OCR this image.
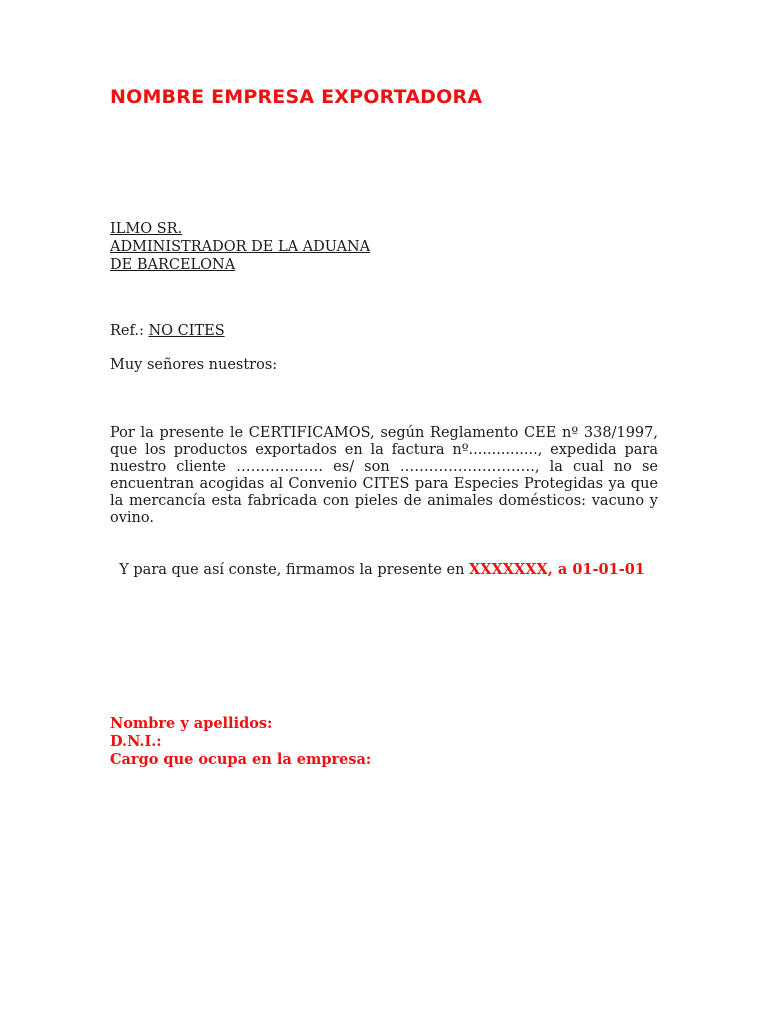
NOMBRE EMPRESA EXPORTADORA
ILMO SR.
ADMINISTRADOR DE LA ADUANA
DE BARCELONA
Ref.: NO CITES
Muy señores nuestros:
Por la presente le CERTIFICAMOS, según Reglamento CEE nº 338/1997, que los productos exportados en la factura nº..............., expedida para nuestro cliente ……………… es/ son ………………………., la cual no se encuentran acogidas al Convenio CITES para Especies Protegidas ya que la mercancía esta fabricada con pieles de animales domésticos: vacuno y ovino.
Y para que así conste, firmamos la presente en XXXXXXX, a 01-01-01
Nombre y apellidos:
D.N.I.:
Cargo que ocupa en la empresa:
